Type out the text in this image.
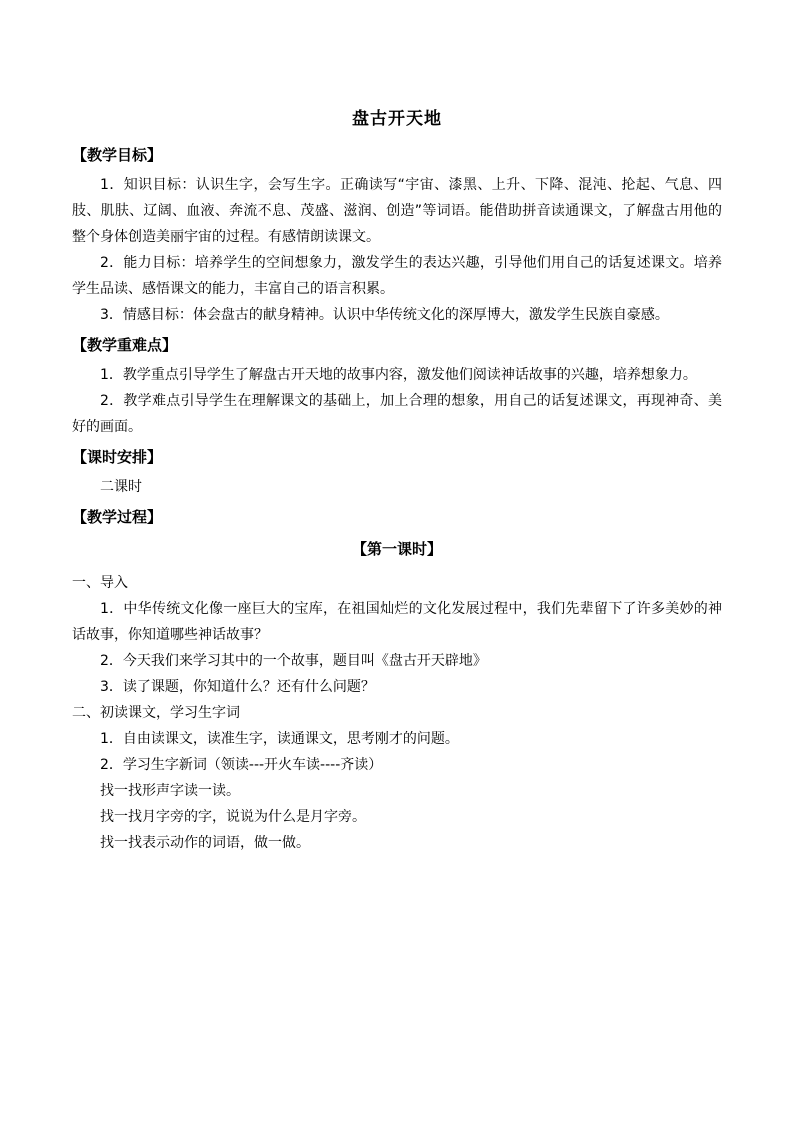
盘古开天地
【教学目标】

1．知识目标：认识生字，会写生字。正确读写“宇宙、漆黑、上升、下降、混沌、抡起、气息、四肢、肌肤、辽阔、血液、奔流不息、茂盛、滋润、创造”等词语。能借助拼音读通课文，了解盘古用他的整个身体创造美丽宇宙的过程。有感情朗读课文。

2．能力目标：培养学生的空间想象力，激发学生的表达兴趣，引导他们用自己的话复述课文。培养学生品读、感悟课文的能力，丰富自己的语言积累。

3．情感目标：体会盘古的献身精神。认识中华传统文化的深厚博大，激发学生民族自豪感。

【教学重难点】

1．教学重点引导学生了解盘古开天地的故事内容，激发他们阅读神话故事的兴趣，培养想象力。

2．教学难点引导学生在理解课文的基础上，加上合理的想象，用自己的话复述课文，再现神奇、美好的画面。

【课时安排】

二课时

【教学过程】
【第一课时】

一、导入

1．中华传统文化像一座巨大的宝库，在祖国灿烂的文化发展过程中，我们先辈留下了许多美妙的神话故事，你知道哪些神话故事？

2．今天我们来学习其中的一个故事，题目叫《盘古开天辟地》

3．读了课题，你知道什么？还有什么问题？

二、初读课文，学习生字词

1．自由读课文，读准生字，读通课文，思考刚才的问题。

2．学习生字新词（领读---开火车读----齐读）

找一找形声字读一读。

找一找月字旁的字，说说为什么是月字旁。

找一找表示动作的词语，做一做。
